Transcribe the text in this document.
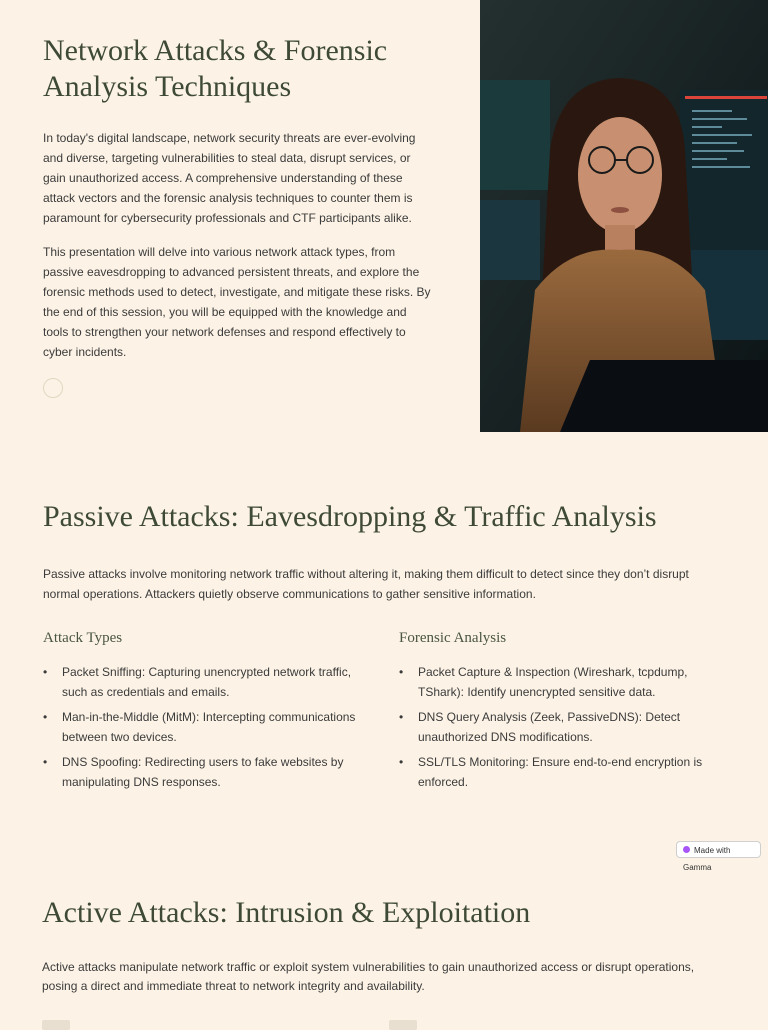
Network Attacks & Forensic Analysis Techniques

In today's digital landscape, network security threats are ever-evolving and diverse, targeting vulnerabilities to steal data, disrupt services, or gain unauthorized access. A comprehensive understanding of these attack vectors and the forensic analysis techniques to counter them is paramount for cybersecurity professionals and CTF participants alike.

This presentation will delve into various network attack types, from passive eavesdropping to advanced persistent threats, and explore the forensic methods used to detect, investigate, and mitigate these risks. By the end of this session, you will be equipped with the knowledge and tools to strengthen your network defenses and respond effectively to cyber incidents.

Passive Attacks: Eavesdropping & Traffic Analysis

Passive attacks involve monitoring network traffic without altering it, making them difficult to detect since they don’t disrupt normal operations. Attackers quietly observe communications to gather sensitive information.

Attack Types
• Packet Sniffing: Capturing unencrypted network traffic, such as credentials and emails.
• Man-in-the-Middle (MitM): Intercepting communications between two devices.
• DNS Spoofing: Redirecting users to fake websites by manipulating DNS responses.
Forensic Analysis
• Packet Capture & Inspection (Wireshark, tcpdump, TShark): Identify unencrypted sensitive data.
• DNS Query Analysis (Zeek, PassiveDNS): Detect unauthorized DNS modifications.
• SSL/TLS Monitoring: Ensure end-to-end encryption is enforced.
Made with Gamma
Active Attacks: Intrusion & Exploitation

Active attacks manipulate network traffic or exploit system vulnerabilities to gain unauthorized access or disrupt operations, posing a direct and immediate threat to network integrity and availability.
